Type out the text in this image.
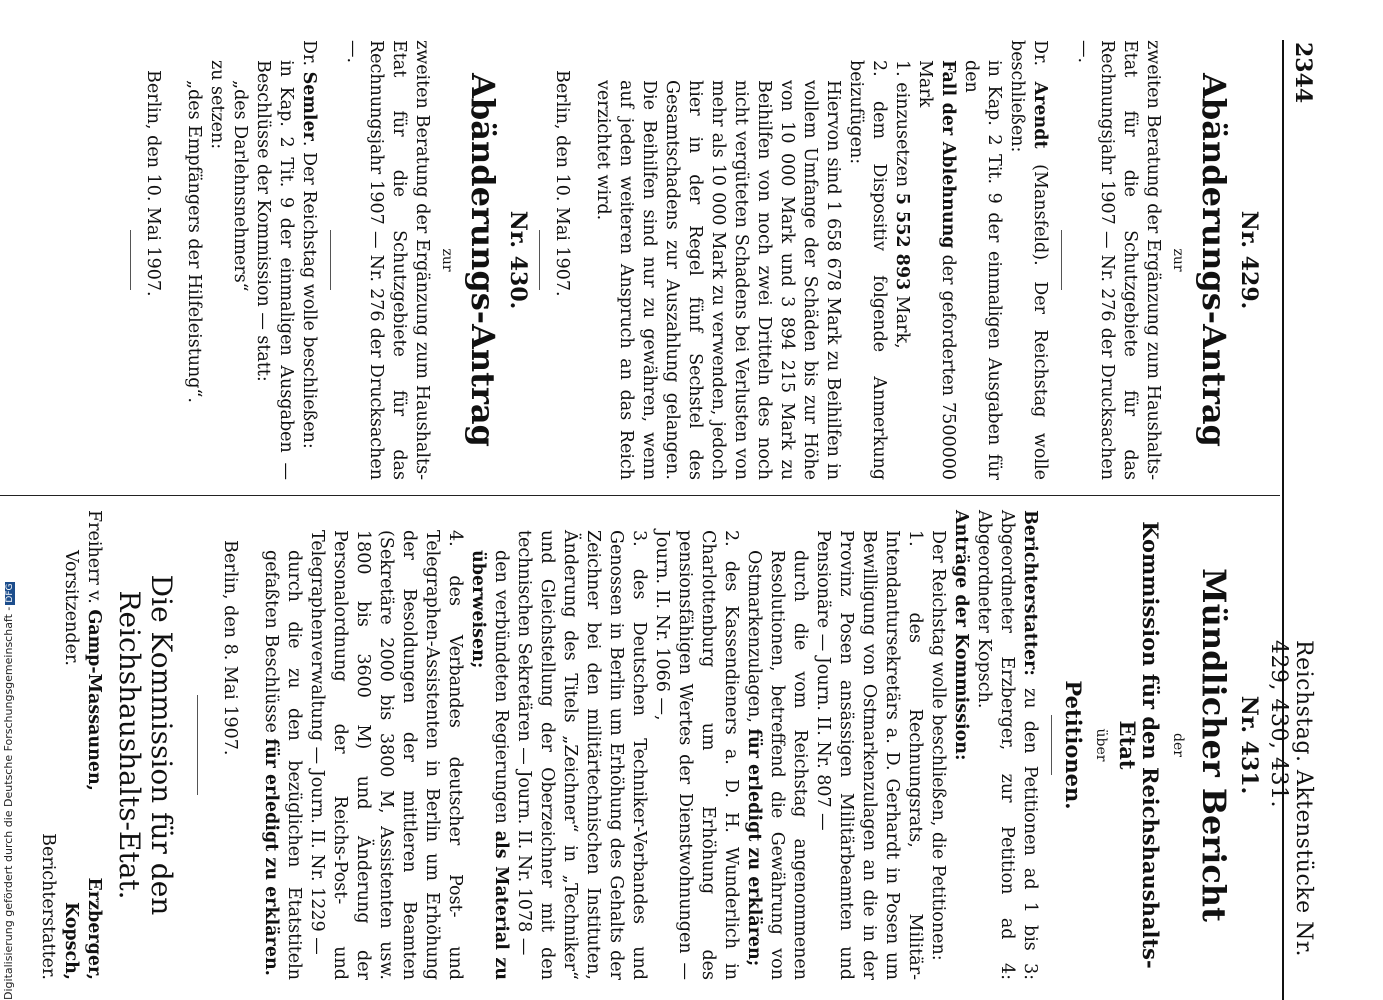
2344
Reichstag. Aktenstücke Nr. 429, 430, 431.
Nr. 429.
Abänderungs-Antrag
zur

zweiten Beratung der Ergänzung zum Haushalts-Etat für die Schutzgebiete für das Rechnungsjahr 1907 — Nr. 276 der Drucksachen —.

Dr. Arendt (Mansfeld). Der Reichstag wolle beschließen:

in Kap. 2 Tit. 9 der einmaligen Ausgaben für den

Fall der Ablehnung der geforderten 7500000 Mark

1. einzusetzen 5 552 893 Mark,

2. dem Dispositiv folgende Anmerkung beizufügen:

Hiervon sind 1 658 678 Mark zu Beihilfen in vollem Umfange der Schäden bis zur Höhe von 10 000 Mark und 3 894 215 Mark zu Beihilfen von noch zwei Dritteln des noch nicht vergüteten Schadens bei Verlusten von mehr als 10 000 Mark zu verwenden, jedoch hier in der Regel fünf Sechstel des Gesamtschadens zur Auszahlung gelangen. Die Beihilfen sind nur zu gewähren, wenn auf jeden weiteren Anspruch an das Reich verzichtet wird.

Berlin, den 10. Mai 1907.

Nr. 430.
Abänderungs-Antrag
zur

zweiten Beratung der Ergänzung zum Haushalts-Etat für die Schutzgebiete für das Rechnungsjahr 1907 — Nr. 276 der Drucksachen —.

Dr. Semler. Der Reichstag wolle beschließen:

in Kap. 2 Tit. 9 der einmaligen Ausgaben — Beschlüsse der Kommission — statt:

„des Darlehnsnehmers“

zu setzen:

„des Empfängers der Hilfeleistung“.

Berlin, den 10. Mai 1907.

Nr. 431.
Mündlicher Bericht
der
Kommission für den Reichshaushalts-Etat
über
Petitionen.

Berichterstatter: zu den Petitionen ad 1 bis 3: Abgeordneter Erzberger, zur Petition ad 4: Abgeordneter Kopsch.

Anträge der Kommission:

Der Reichstag wolle beschließen, die Petitionen:

1. des Rechnungsrats, Militär-Intendantursekretärs a. D. Gerhardt in Posen um Bewilligung von Ostmarkenzulagen an die in der Provinz Posen ansässigen Militärbeamten und Pensionäre — Journ. II. Nr. 807 —

durch die vom Reichstag angenommenen Resolutionen, betreffend die Gewährung von Ostmarkenzulagen, für erledigt zu erklären;

2. des Kassendieners a. D. H. Wunderlich in Charlottenburg um Erhöhung des pensionsfähigen Wertes der Dienstwohnungen — Journ. II. Nr. 1066 —,

3. des Deutschen Techniker-Verbandes und Genossen in Berlin um Erhöhung des Gehalts der Zeichner bei den militärtechnischen Instituten, Änderung des Titels „Zeichner“ in „Techniker“ und Gleichstellung der Oberzeichner mit den technischen Sekretären — Journ. II. Nr. 1078 —

den verbündeten Regierungen als Material zu überweisen;

4. des Verbandes deutscher Post- und Telegraphen-Assistenten in Berlin um Erhöhung der Besoldungen der mittleren Beamten (Sekretäre 2000 bis 3800 M, Assistenten usw. 1800 bis 3600 M) und Änderung der Personalordnung der Reichs-Post- und Telegraphenverwaltung — Journ. II. Nr. 1229 —

durch die zu den bezüglichen Etatstiteln gefaßten Beschlüsse für erledigt zu erklären.

Berlin, den 8. Mai 1907.

Die Kommission für den Reichshaushalts-Etat.
Freiherr v. Gamp-Massaunen,
Vorsitzender.
Erzberger,
Kopsch,
Berichterstatter.
Digitalisierung gefördert durch die Deutsche Forschungsgemeinschaft -DFG
